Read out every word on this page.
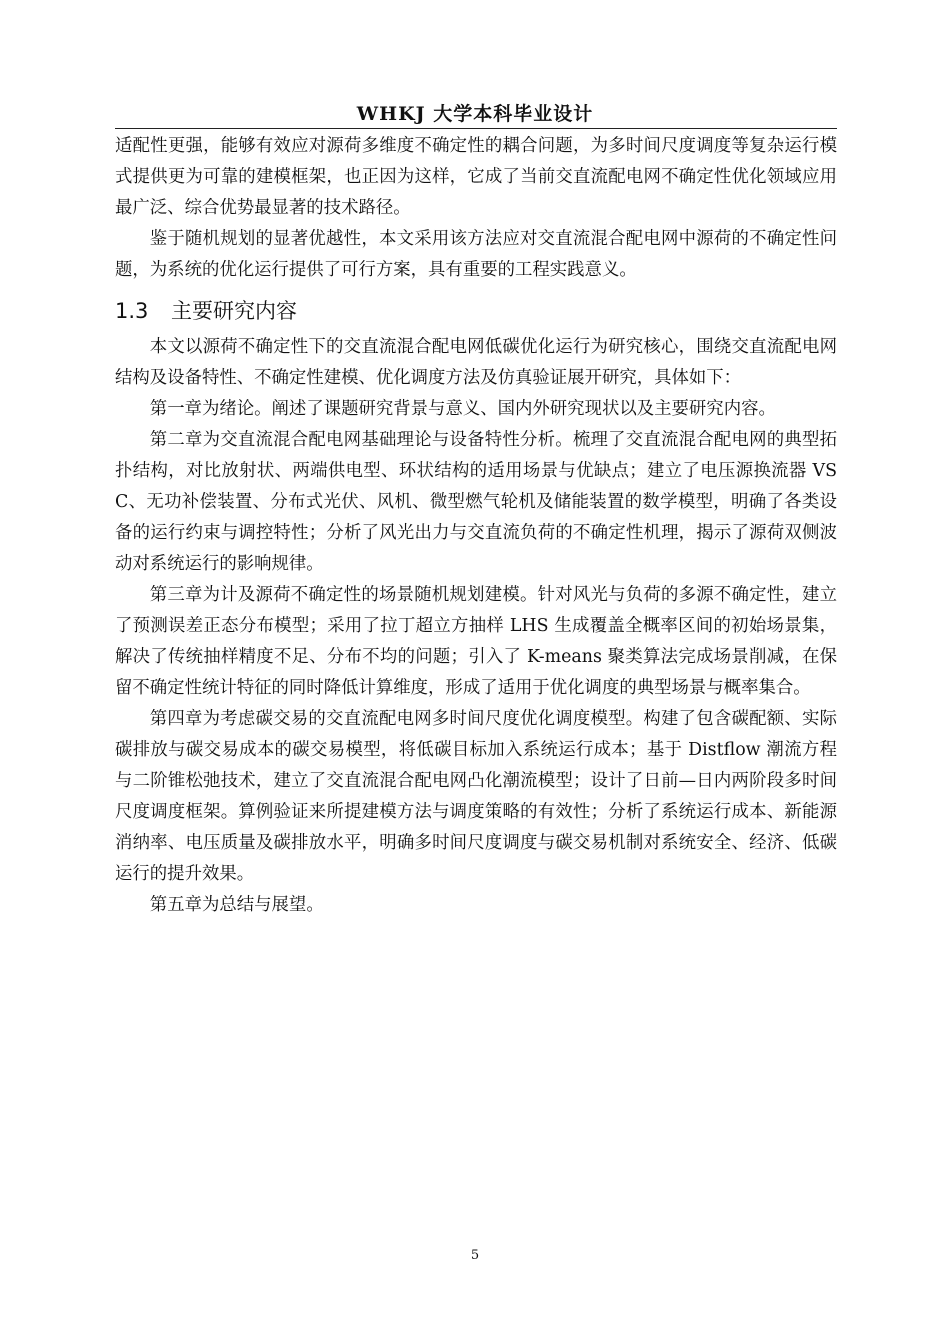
WHKJ 大学本科毕业设计

适配性更强，能够有效应对源荷多维度不确定性的耦合问题，为多时间尺度调度等复杂运行模式提供更为可靠的建模框架，也正因为这样，它成了当前交直流配电网不确定性优化领域应用最广泛、综合优势最显著的技术路径。

鉴于随机规划的显著优越性，本文采用该方法应对交直流混合配电网中源荷的不确定性问题，为系统的优化运行提供了可行方案，具有重要的工程实践意义。

1.3 主要研究内容

本文以源荷不确定性下的交直流混合配电网低碳优化运行为研究核心，围绕交直流配电网结构及设备特性、不确定性建模、优化调度方法及仿真验证展开研究，具体如下：

第一章为绪论。阐述了课题研究背景与意义、国内外研究现状以及主要研究内容。

第二章为交直流混合配电网基础理论与设备特性分析。梳理了交直流混合配电网的典型拓扑结构，对比放射状、两端供电型、环状结构的适用场景与优缺点；建立了电压源换流器 VSC、无功补偿装置、分布式光伏、风机、微型燃气轮机及储能装置的数学模型，明确了各类设备的运行约束与调控特性；分析了风光出力与交直流负荷的不确定性机理，揭示了源荷双侧波动对系统运行的影响规律。

第三章为计及源荷不确定性的场景随机规划建模。针对风光与负荷的多源不确定性，建立了预测误差正态分布模型；采用了拉丁超立方抽样 LHS 生成覆盖全概率区间的初始场景集，解决了传统抽样精度不足、分布不均的问题；引入了 K-means 聚类算法完成场景削减，在保留不确定性统计特征的同时降低计算维度，形成了适用于优化调度的典型场景与概率集合。

第四章为考虑碳交易的交直流配电网多时间尺度优化调度模型。构建了包含碳配额、实际碳排放与碳交易成本的碳交易模型，将低碳目标加入系统运行成本；基于 Distflow 潮流方程与二阶锥松弛技术，建立了交直流混合配电网凸化潮流模型；设计了日前—日内两阶段多时间尺度调度框架。算例验证来所提建模方法与调度策略的有效性；分析了系统运行成本、新能源消纳率、电压质量及碳排放水平，明确多时间尺度调度与碳交易机制对系统安全、经济、低碳运行的提升效果。

第五章为总结与展望。

5
